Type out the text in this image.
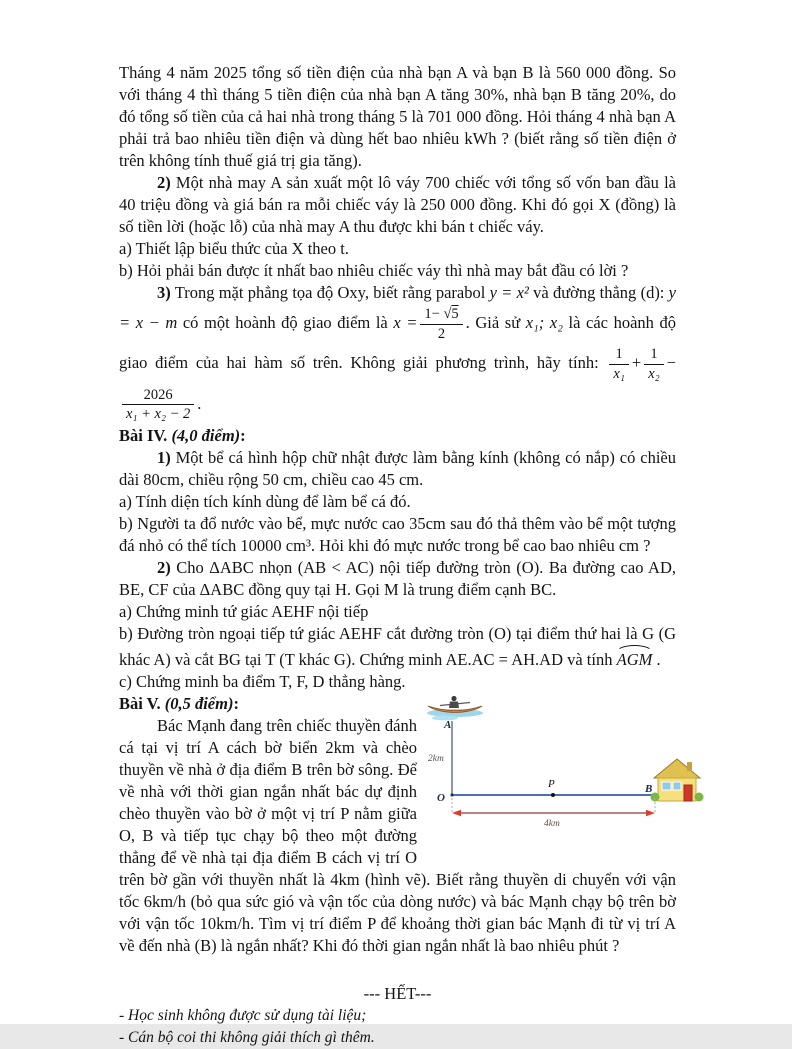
Tháng 4 năm 2025 tổng số tiền điện của nhà bạn A và bạn B là 560 000 đồng. So với tháng 4 thì tháng 5 tiền điện của nhà bạn A tăng 30%, nhà bạn B tăng 20%, do đó tổng số tiền của cả hai nhà trong tháng 5 là 701 000 đồng. Hỏi tháng 4 nhà bạn A phải trả bao nhiêu tiền điện và dùng hết bao nhiêu kWh ? (biết rằng số tiền điện ở trên không tính thuế giá trị gia tăng).

2) Một nhà may A sản xuất một lô váy 700 chiếc với tổng số vốn ban đầu là 40 triệu đồng và giá bán ra mỗi chiếc váy là 250 000 đồng. Khi đó gọi X (đồng) là số tiền lời (hoặc lỗ) của nhà may A thu được khi bán t chiếc váy.

a) Thiết lập biểu thức của X theo t.

b) Hỏi phải bán được ít nhất bao nhiêu chiếc váy thì nhà may bắt đầu có lời ?

3) Trong mặt phẳng tọa độ Oxy, biết rằng parabol y = x² và đường thẳng (d): y = x − m có một hoành độ giao điểm là $x = \frac{1- √5}{2}$ . Giả sử x₁; x₂ là các hoành độ giao điểm của hai hàm số trên. Không giải phương trình, hãy tính: $\frac{1}{\text{x₁}} + \frac{1}{\text{x₂}}$ −
$\frac{2026}{\text{x₁ + x₂ − 2}}$ .

Bài IV. (4,0 điểm):

1) Một bể cá hình hộp chữ nhật được làm bằng kính (không có nắp) có chiều dài 80cm, chiều rộng 50 cm, chiều cao 45 cm.

a) Tính diện tích kính dùng để làm bể cá đó.

b) Người ta đổ nước vào bể, mực nước cao 35cm sau đó thả thêm vào bể một tượng đá nhỏ có thể tích 10000 cm³. Hỏi khi đó mực nước trong bể cao bao nhiêu cm ?

2) Cho ΔABC nhọn (AB < AC) nội tiếp đường tròn (O). Ba đường cao AD, BE, CF của ΔABC đồng quy tại H. Gọi M là trung điểm cạnh BC.

a) Chứng minh tứ giác AEHF nội tiếp

b) Đường tròn ngoại tiếp tứ giác AEHF cắt đường tròn (O) tại điểm thứ hai là G (G khác A) và cắt BG tại T (T khác G). Chứng minh AE.AC = AH.AD và tính AGM .

c) Chứng minh ba điểm T, F, D thẳng hàng.

A
2km
P
O
B
4km

Bài V. (0,5 điểm):

Bác Mạnh đang trên chiếc thuyền đánh cá tại vị trí A cách bờ biển 2km và chèo thuyền về nhà ở địa điểm B trên bờ sông. Để về nhà với thời gian ngắn nhất bác dự định chèo thuyền vào bờ ở một vị trí P nằm giữa O, B và tiếp tục chạy bộ theo một đường thẳng để về nhà tại địa điểm B cách vị trí O trên bờ gần với thuyền nhất là 4km (hình vẽ). Biết rằng thuyền di chuyển với vận tốc 6km/h (bỏ qua sức gió và vận tốc của dòng nước) và bác Mạnh chạy bộ trên bờ với vận tốc 10km/h. Tìm vị trí điểm P để khoảng thời gian bác Mạnh đi từ vị trí A về đến nhà (B) là ngắn nhất? Khi đó thời gian ngắn nhất là bao nhiêu phút ?

--- HẾT---

- Học sinh không được sử dụng tài liệu;

- Cán bộ coi thi không giải thích gì thêm.
